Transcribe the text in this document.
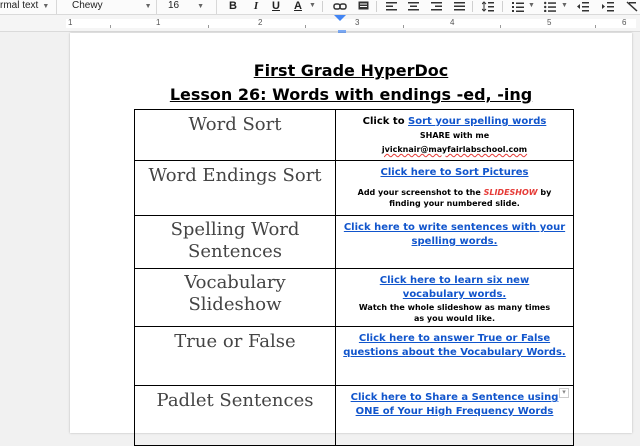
rmal text ▼	Chewy	▼	16	▼	B	I	U A ▼	▼	▼
1	1	2	3	4	5	6
First Grade HyperDoc
Lesson 26: Words with endings -ed, -ing
Word Sort	Click to Sort your spelling words
SHARE with me
jvicknair@mayfairlabschool.com
Word Endings Sort	Click here to Sort Pictures

Add your screenshot to the SLIDESHOW by finding your numbered slide.

Spelling Word Sentences	Click here to write sentences with your spelling words.
Vocabulary Slideshow	Click here to learn six new vocabulary words.

Watch the whole slideshow as many times as you would like.

True or False	Click here to answer True or False questions about the Vocabulary Words.
Padlet Sentences	Click here to Share a Sentence using ONE of Your High Frequency Words
▾
